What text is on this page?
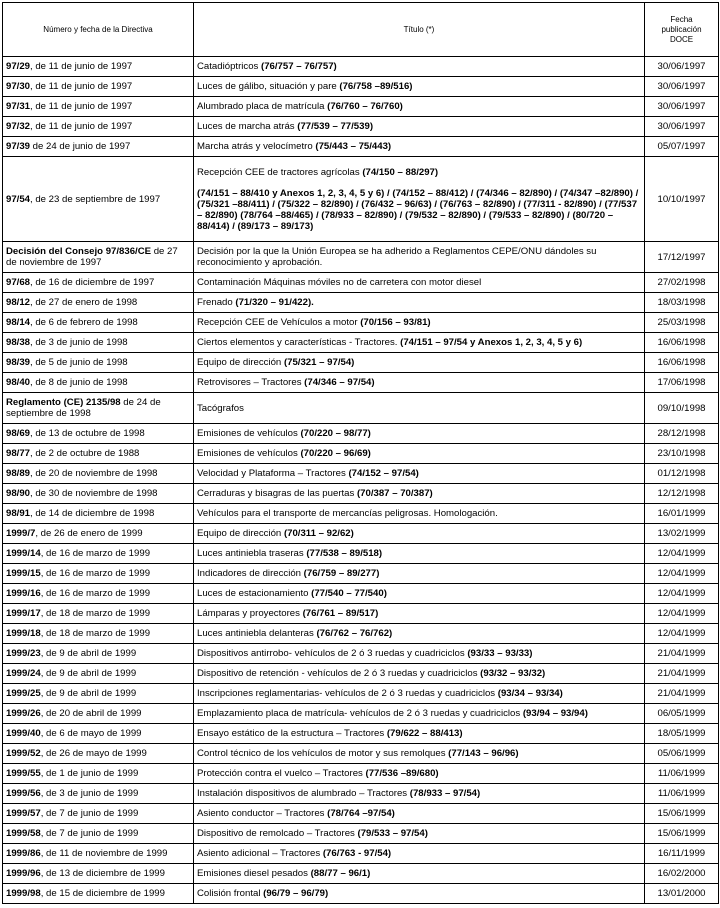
Número y fecha de la Directiva	Título (*)	Fecha
publicación
DOCE

97/29, de 11 de junio de 1997	Catadióptricos (76/757 – 76/757)	30/06/1997
97/30, de 11 de junio de 1997	Luces de gálibo, situación y pare (76/758 –89/516)	30/06/1997
97/31, de 11 de junio de 1997	Alumbrado placa de matrícula (76/760 – 76/760)	30/06/1997
97/32, de 11 de junio de 1997	Luces de marcha atrás (77/539 – 77/539)	30/06/1997
97/39 de 24 de junio de 1997	Marcha atrás y velocímetro (75/443 – 75/443)	05/07/1997
97/54, de 23 de septiembre de 1997	Recepción CEE de tractores agrícolas (74/150 – 88/297)
(74/151 – 88/410 y Anexos 1, 2, 3, 4, 5 y 6) / (74/152 – 88/412) / (74/346 – 82/890) / (74/347 –82/890) / (75/321 –88/411) / (75/322 – 82/890) / (76/432 – 96/63) / (76/763 – 82/890) / (77/311 - 82/890) / (77/537 – 82/890) (78/764 –88/465) / (78/933 – 82/890) / (79/532 – 82/890) / (79/533 – 82/890) / (80/720 – 88/414) / (89/173 – 89/173)	10/10/1997
Decisión del Consejo 97/836/CE de 27 de noviembre de 1997	Decisión por la que la Unión Europea se ha adherido a Reglamentos CEPE/ONU dándoles su reconocimiento y aprobación.	17/12/1997
97/68, de 16 de diciembre de 1997	Contaminación Máquinas móviles no de carretera con motor diesel	27/02/1998
98/12, de 27 de enero de 1998	Frenado (71/320 – 91/422).	18/03/1998
98/14, de 6 de febrero de 1998	Recepción CEE de Vehículos a motor (70/156 – 93/81)	25/03/1998
98/38, de 3 de junio de 1998	Ciertos elementos y características - Tractores. (74/151 – 97/54 y Anexos 1, 2, 3, 4, 5 y 6)	16/06/1998
98/39, de 5 de junio de 1998	Equipo de dirección (75/321 – 97/54)	16/06/1998
98/40, de 8 de junio de 1998	Retrovisores – Tractores (74/346 – 97/54)	17/06/1998
Reglamento (CE) 2135/98 de 24 de septiembre de 1998	Tacógrafos	09/10/1998
98/69, de 13 de octubre de 1998	Emisiones de vehículos (70/220 – 98/77)	28/12/1998
98/77, de 2 de octubre de 1988	Emisiones de vehículos (70/220 – 96/69)	23/10/1998
98/89, de 20 de noviembre de 1998	Velocidad y Plataforma – Tractores (74/152 – 97/54)	01/12/1998
98/90, de 30 de noviembre de 1998	Cerraduras y bisagras de las puertas (70/387 – 70/387)	12/12/1998
98/91, de 14 de diciembre de 1998	Vehículos para el transporte de mercancías peligrosas. Homologación.	16/01/1999
1999/7, de 26 de enero de 1999	Equipo de dirección (70/311 – 92/62)	13/02/1999
1999/14, de 16 de marzo de 1999	Luces antiniebla traseras (77/538 – 89/518)	12/04/1999
1999/15, de 16 de marzo de 1999	Indicadores de dirección (76/759 – 89/277)	12/04/1999
1999/16, de 16 de marzo de 1999	Luces de estacionamiento (77/540 – 77/540)	12/04/1999
1999/17, de 18 de marzo de 1999	Lámparas y proyectores (76/761 – 89/517)	12/04/1999
1999/18, de 18 de marzo de 1999	Luces antiniebla delanteras (76/762 – 76/762)	12/04/1999
1999/23, de 9 de abril de 1999	Dispositivos antirrobo- vehículos de 2 ó 3 ruedas y cuadriciclos (93/33 – 93/33)	21/04/1999
1999/24, de 9 de abril de 1999	Dispositivo de retención - vehículos de 2 ó 3 ruedas y cuadriciclos (93/32 – 93/32)	21/04/1999
1999/25, de 9 de abril de 1999	Inscripciones reglamentarias- vehículos de 2 ó 3 ruedas y cuadriciclos (93/34 – 93/34)	21/04/1999
1999/26, de 20 de abril de 1999	Emplazamiento placa de matrícula- vehículos de 2 ó 3 ruedas y cuadriciclos (93/94 – 93/94)	06/05/1999
1999/40, de 6 de mayo de 1999	Ensayo estático de la estructura – Tractores (79/622 – 88/413)	18/05/1999
1999/52, de 26 de mayo de 1999	Control técnico de los vehículos de motor y sus remolques (77/143 – 96/96)	05/06/1999
1999/55, de 1 de junio de 1999	Protección contra el vuelco – Tractores (77/536 –89/680)	11/06/1999
1999/56, de 3 de junio de 1999	Instalación dispositivos de alumbrado – Tractores (78/933 – 97/54)	11/06/1999
1999/57, de 7 de junio de 1999	Asiento conductor – Tractores (78/764 –97/54)	15/06/1999
1999/58, de 7 de junio de 1999	Dispositivo de remolcado – Tractores (79/533 – 97/54)	15/06/1999
1999/86, de 11 de noviembre de 1999	Asiento adicional – Tractores (76/763 - 97/54)	16/11/1999
1999/96, de 13 de diciembre de 1999	Emisiones diesel pesados (88/77 – 96/1)	16/02/2000
1999/98, de 15 de diciembre de 1999	Colisión frontal (96/79 – 96/79)	13/01/2000
